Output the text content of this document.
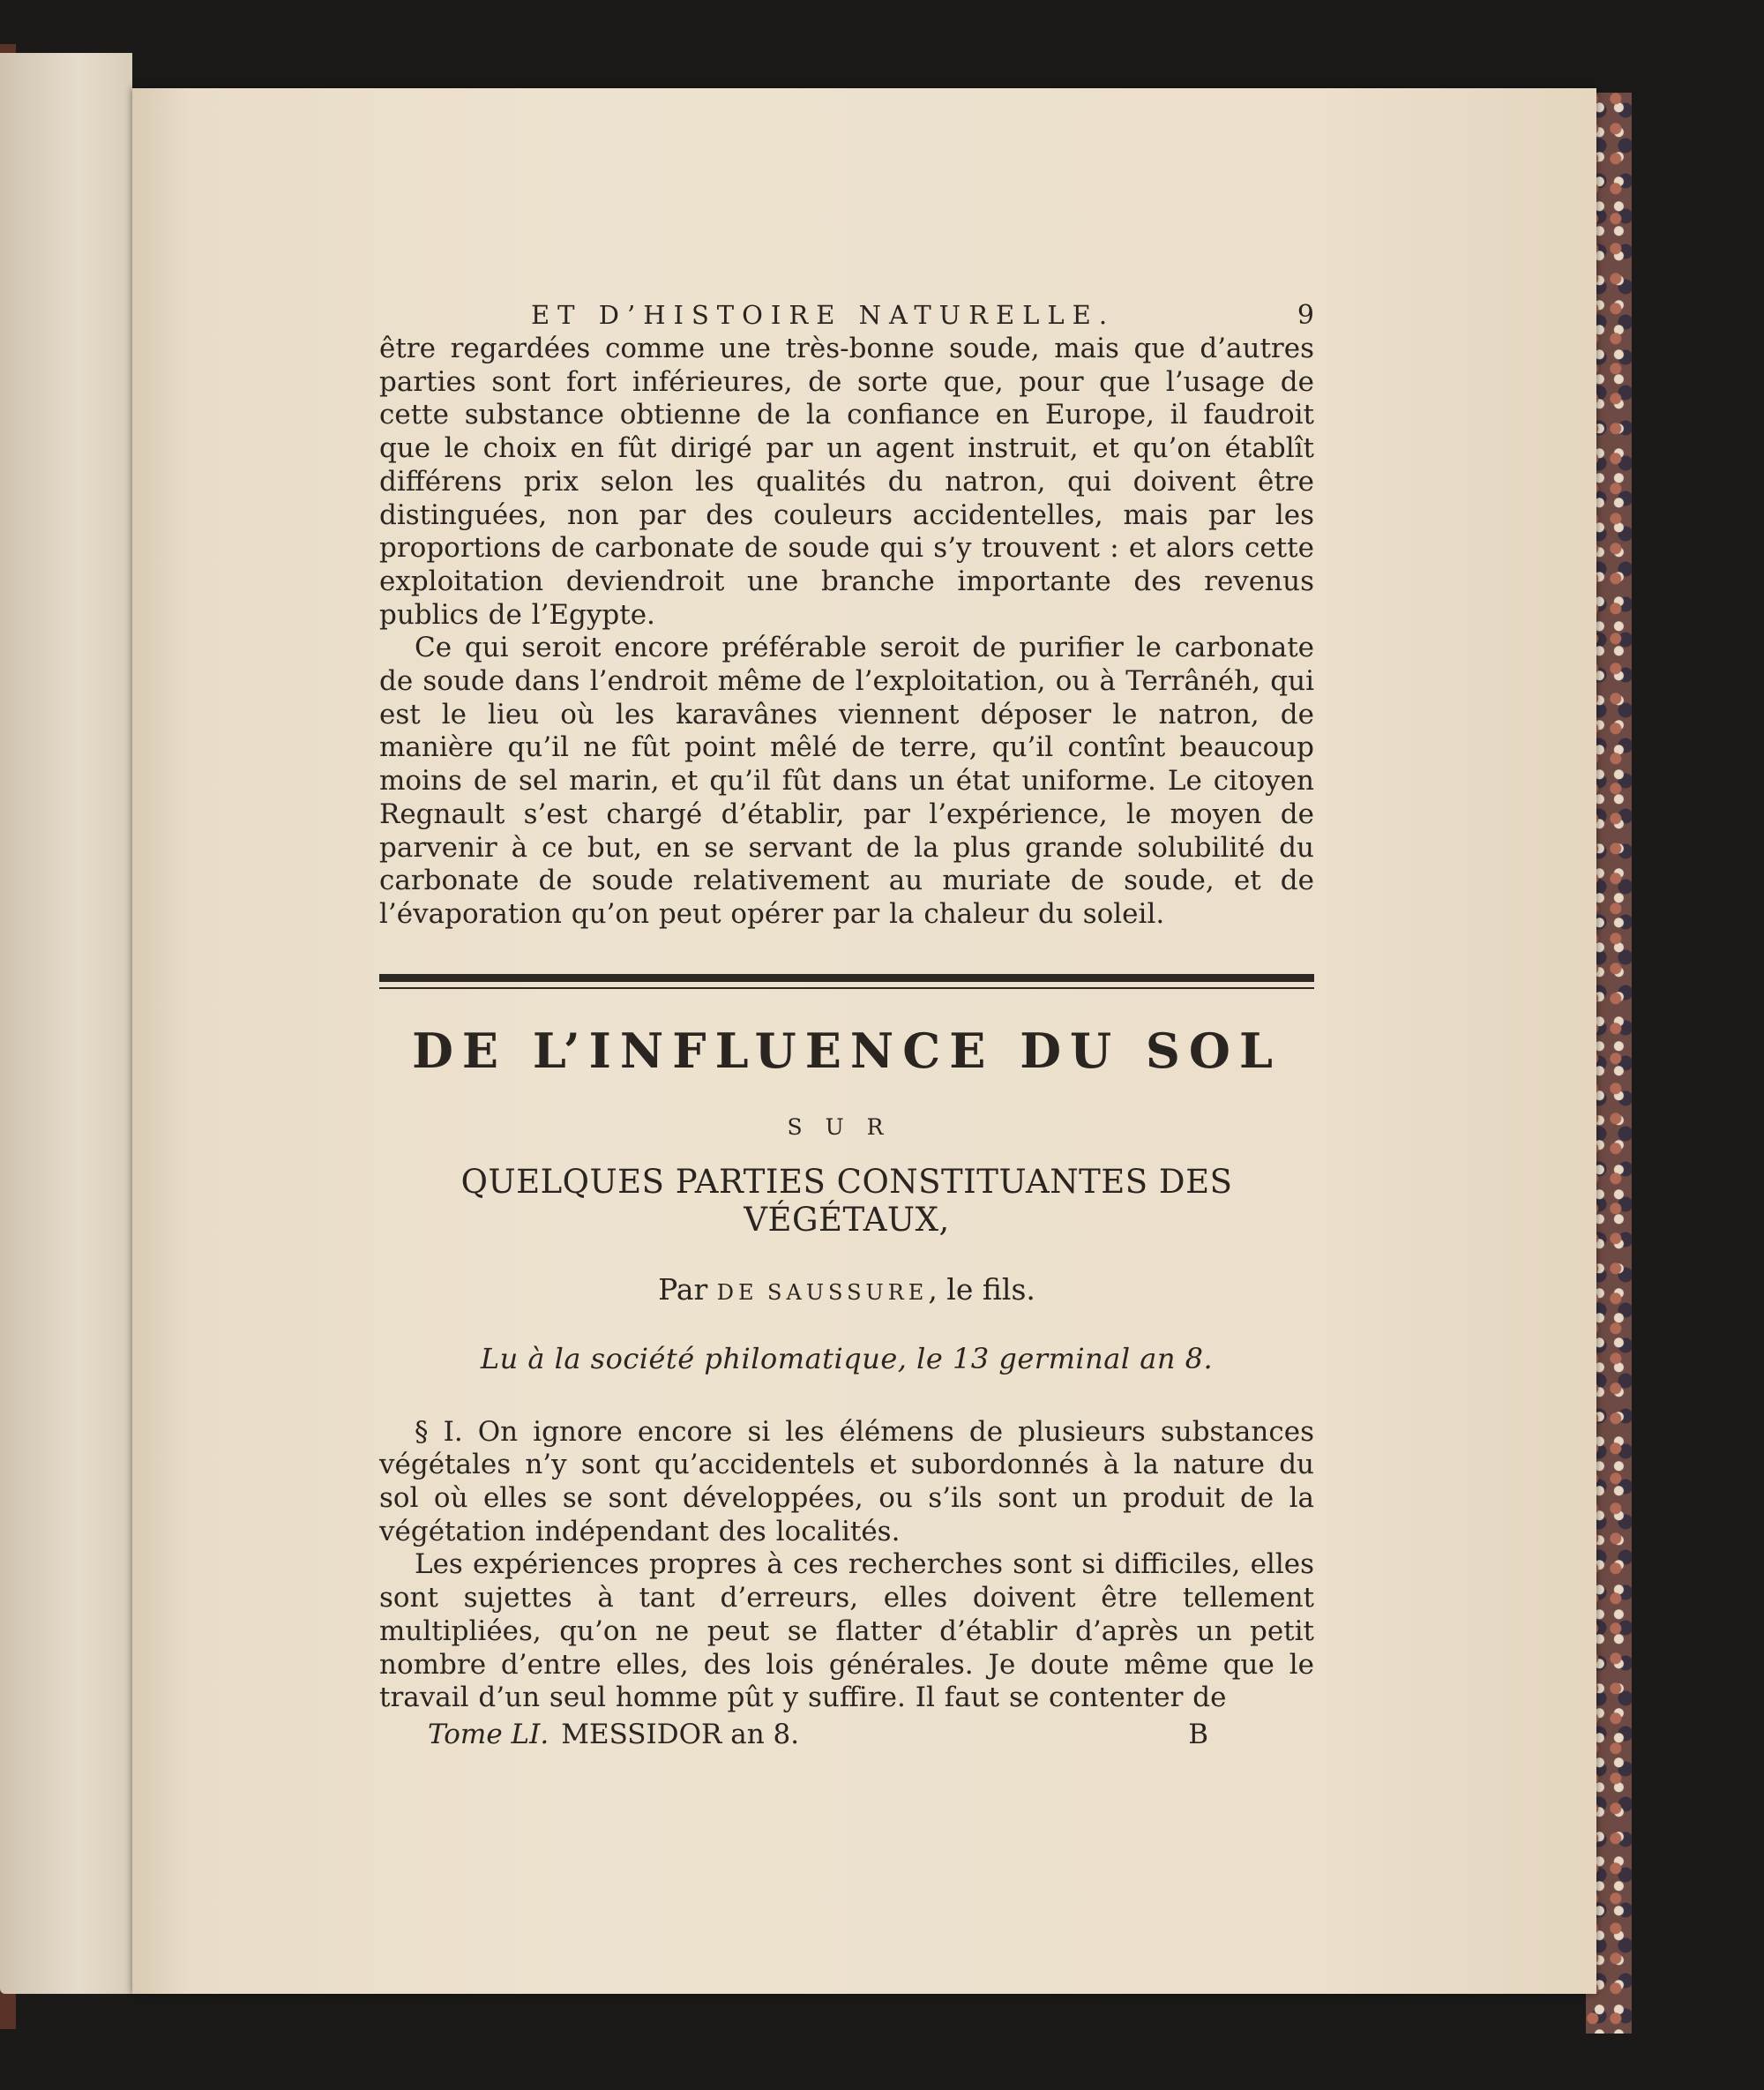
ET D’HISTOIRE NATURELLE.	9

être regardées comme une très-bonne soude, mais que d’autres parties sont fort inférieures, de sorte que, pour que l’usage de cette substance obtienne de la confiance en Europe, il faudroit que le choix en fût dirigé par un agent instruit, et qu’on établît différens prix selon les qualités du natron, qui doivent être distinguées, non par des couleurs accidentelles, mais par les proportions de carbonate de soude qui s’y trouvent : et alors cette exploitation deviendroit une branche importante des revenus publics de l’Egypte.

Ce qui seroit encore préférable seroit de purifier le carbonate de soude dans l’endroit même de l’exploitation, ou à Terrânéh, qui est le lieu où les karavânes viennent déposer le natron, de manière qu’il ne fût point mêlé de terre, qu’il contînt beaucoup moins de sel marin, et qu’il fût dans un état uniforme. Le citoyen Regnault s’est chargé d’établir, par l’expérience, le moyen de parvenir à ce but, en se servant de la plus grande solubilité du carbonate de soude relativement au muriate de soude, et de l’évaporation qu’on peut opérer par la chaleur du soleil.

DE L’INFLUENCE DU SOL
SUR
QUELQUES PARTIES CONSTITUANTES DES VÉGÉTAUX,
Par DE SAUSSURE, le fils.
Lu à la société philomatique, le 13 germinal an 8.

§ I. On ignore encore si les élémens de plusieurs substances végétales n’y sont qu’accidentels et subordonnés à la nature du sol où elles se sont développées, ou s’ils sont un produit de la végétation indépendant des localités.

Les expériences propres à ces recherches sont si difficiles, elles sont sujettes à tant d’erreurs, elles doivent être tellement multipliées, qu’on ne peut se flatter d’établir d’après un petit nombre d’entre elles, des lois générales. Je doute même que le travail d’un seul homme pût y suffire. Il faut se contenter de

Tome LI. MESSIDOR an 8.	B
